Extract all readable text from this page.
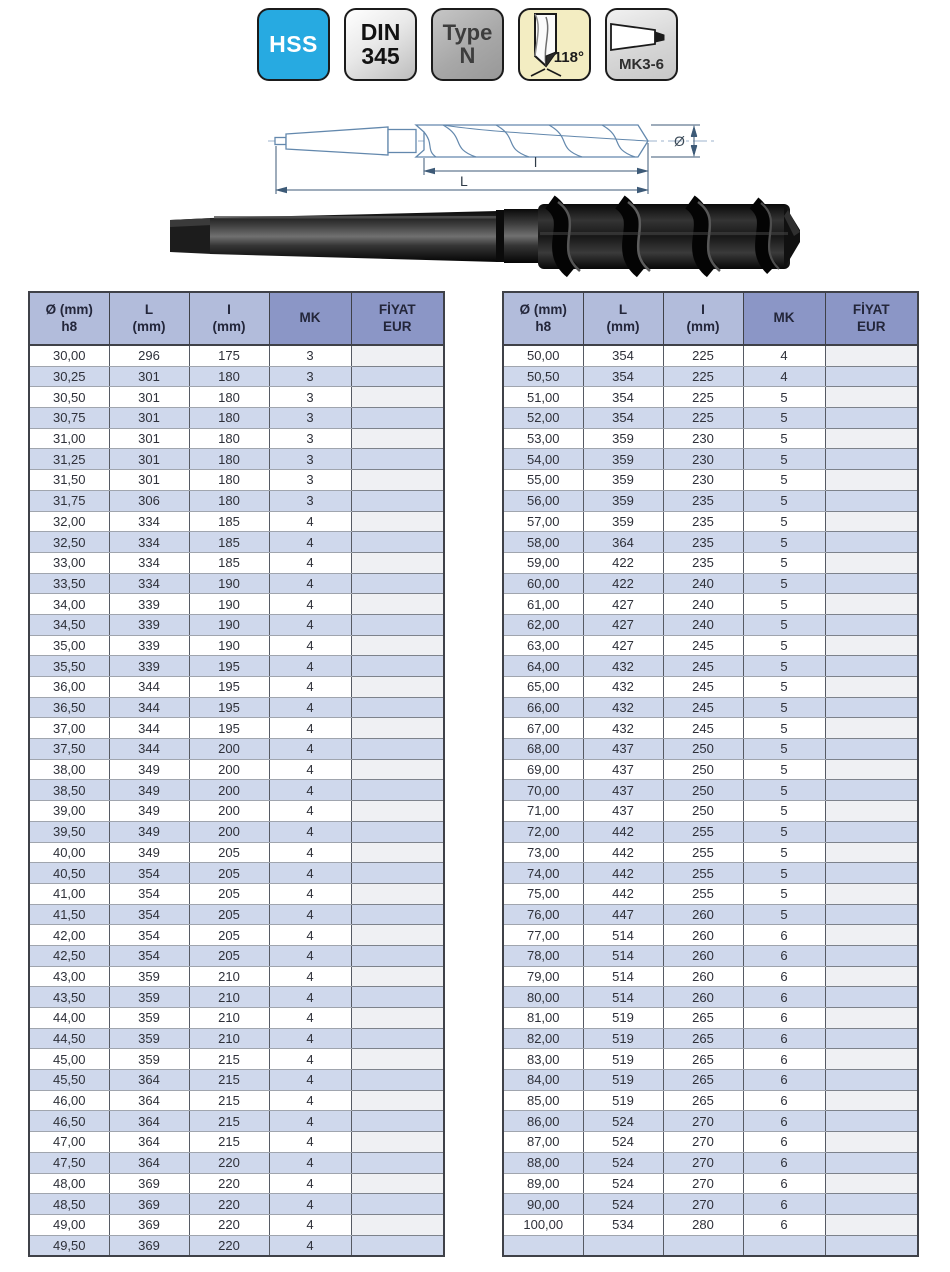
HSS DIN
345
Type
N	118°	MK3-6
Ø
l
L
Ø (mm)
h8

L
(mm)

I
(mm)

MK

FİYAT
EUR

30,00	296	175	3	
30,25	301	180	3	
30,50	301	180	3	
30,75	301	180	3	
31,00	301	180	3	
31,25	301	180	3	
31,50	301	180	3	
31,75	306	180	3	
32,00	334	185	4	
32,50	334	185	4	
33,00	334	185	4	
33,50	334	190	4	
34,00	339	190	4	
34,50	339	190	4	
35,00	339	190	4	
35,50	339	195	4	
36,00	344	195	4	
36,50	344	195	4	
37,00	344	195	4	
37,50	344	200	4	
38,00	349	200	4	
38,50	349	200	4	
39,00	349	200	4	
39,50	349	200	4	
40,00	349	205	4	
40,50	354	205	4	
41,00	354	205	4	
41,50	354	205	4	
42,00	354	205	4	
42,50	354	205	4	
43,00	359	210	4	
43,50	359	210	4	
44,00	359	210	4	
44,50	359	210	4	
45,00	359	215	4	
45,50	364	215	4	
46,00	364	215	4	
46,50	364	215	4	
47,00	364	215	4	
47,50	364	220	4	
48,00	369	220	4	
48,50	369	220	4	
49,00	369	220	4	
49,50	369	220	4	
Ø (mm)
h8

L
(mm)

I
(mm)

MK

FİYAT
EUR

50,00	354	225	4	
50,50	354	225	4	
51,00	354	225	5	
52,00	354	225	5	
53,00	359	230	5	
54,00	359	230	5	
55,00	359	230	5	
56,00	359	235	5	
57,00	359	235	5	
58,00	364	235	5	
59,00	422	235	5	
60,00	422	240	5	
61,00	427	240	5	
62,00	427	240	5	
63,00	427	245	5	
64,00	432	245	5	
65,00	432	245	5	
66,00	432	245	5	
67,00	432	245	5	
68,00	437	250	5	
69,00	437	250	5	
70,00	437	250	5	
71,00	437	250	5	
72,00	442	255	5	
73,00	442	255	5	
74,00	442	255	5	
75,00	442	255	5	
76,00	447	260	5	
77,00	514	260	6	
78,00	514	260	6	
79,00	514	260	6	
80,00	514	260	6	
81,00	519	265	6	
82,00	519	265	6	
83,00	519	265	6	
84,00	519	265	6	
85,00	519	265	6	
86,00	524	270	6	
87,00	524	270	6	
88,00	524	270	6	
89,00	524	270	6	
90,00	524	270	6	
100,00	534	280	6	
